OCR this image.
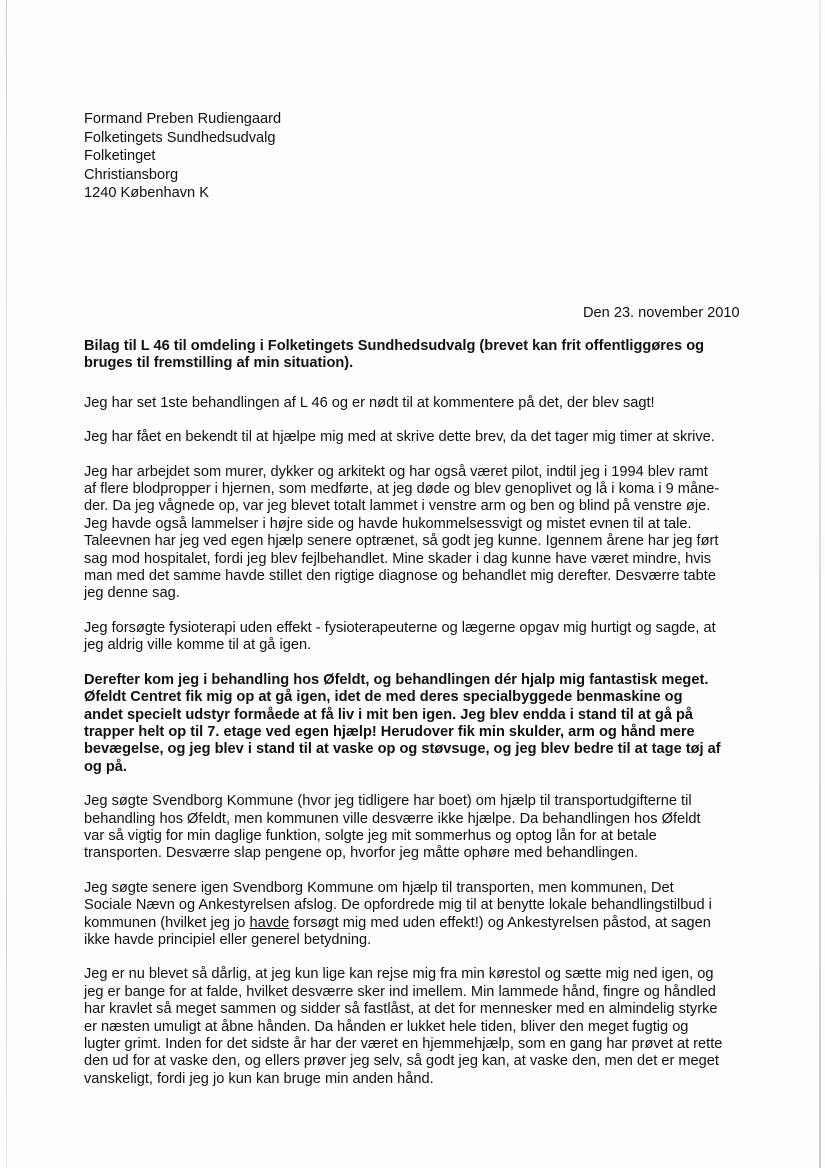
Formand Preben Rudiengaard
Folketingets Sundhedsudvalg
Folketinget
Christiansborg
1240 København K
Den 23. november 2010
Bilag til L 46 til omdeling i Folketingets Sundhedsudvalg (brevet kan frit offentliggøres og
bruges til fremstilling af min situation).
Jeg har set 1ste behandlingen af L 46 og er nødt til at kommentere på det, der blev sagt!
Jeg har fået en bekendt til at hjælpe mig med at skrive dette brev, da det tager mig timer at skrive.
Jeg har arbejdet som murer, dykker og arkitekt og har også været pilot, indtil jeg i 1994 blev ramt
af flere blodpropper i hjernen, som medførte, at jeg døde og blev genoplivet og lå i koma i 9 måne-
der. Da jeg vågnede op, var jeg blevet totalt lammet i venstre arm og ben og blind på venstre øje.
Jeg havde også lammelser i højre side og havde hukommelsessvigt og mistet evnen til at tale.
Taleevnen har jeg ved egen hjælp senere optrænet, så godt jeg kunne. Igennem årene har jeg ført
sag mod hospitalet, fordi jeg blev fejlbehandlet. Mine skader i dag kunne have været mindre, hvis
man med det samme havde stillet den rigtige diagnose og behandlet mig derefter. Desværre tabte
jeg denne sag.
Jeg forsøgte fysioterapi uden effekt - fysioterapeuterne og lægerne opgav mig hurtigt og sagde, at
jeg aldrig ville komme til at gå igen.
Derefter kom jeg i behandling hos Øfeldt, og behandlingen dér hjalp mig fantastisk meget.
Øfeldt Centret fik mig op at gå igen, idet de med deres specialbyggede benmaskine og
andet specielt udstyr formåede at få liv i mit ben igen. Jeg blev endda i stand til at gå på
trapper helt op til 7. etage ved egen hjælp! Herudover fik min skulder, arm og hånd mere
bevægelse, og jeg blev i stand til at vaske op og støvsuge, og jeg blev bedre til at tage tøj af
og på.
Jeg søgte Svendborg Kommune (hvor jeg tidligere har boet) om hjælp til transportudgifterne til
behandling hos Øfeldt, men kommunen ville desværre ikke hjælpe. Da behandlingen hos Øfeldt
var så vigtig for min daglige funktion, solgte jeg mit sommerhus og optog lån for at betale
transporten. Desværre slap pengene op, hvorfor jeg måtte ophøre med behandlingen.
Jeg søgte senere igen Svendborg Kommune om hjælp til transporten, men kommunen, Det
Sociale Nævn og Ankestyrelsen afslog. De opfordrede mig til at benytte lokale behandlingstilbud i
kommunen (hvilket jeg jo havde forsøgt mig med uden effekt!) og Ankestyrelsen påstod, at sagen
ikke havde principiel eller generel betydning.
Jeg er nu blevet så dårlig, at jeg kun lige kan rejse mig fra min kørestol og sætte mig ned igen, og
jeg er bange for at falde, hvilket desværre sker ind imellem. Min lammede hånd, fingre og håndled
har kravlet så meget sammen og sidder så fastlåst, at det for mennesker med en almindelig styrke
er næsten umuligt at åbne hånden. Da hånden er lukket hele tiden, bliver den meget fugtig og
lugter grimt. Inden for det sidste år har der været en hjemmehjælp, som en gang har prøvet at rette
den ud for at vaske den, og ellers prøver jeg selv, så godt jeg kan, at vaske den, men det er meget
vanskeligt, fordi jeg jo kun kan bruge min anden hånd.
